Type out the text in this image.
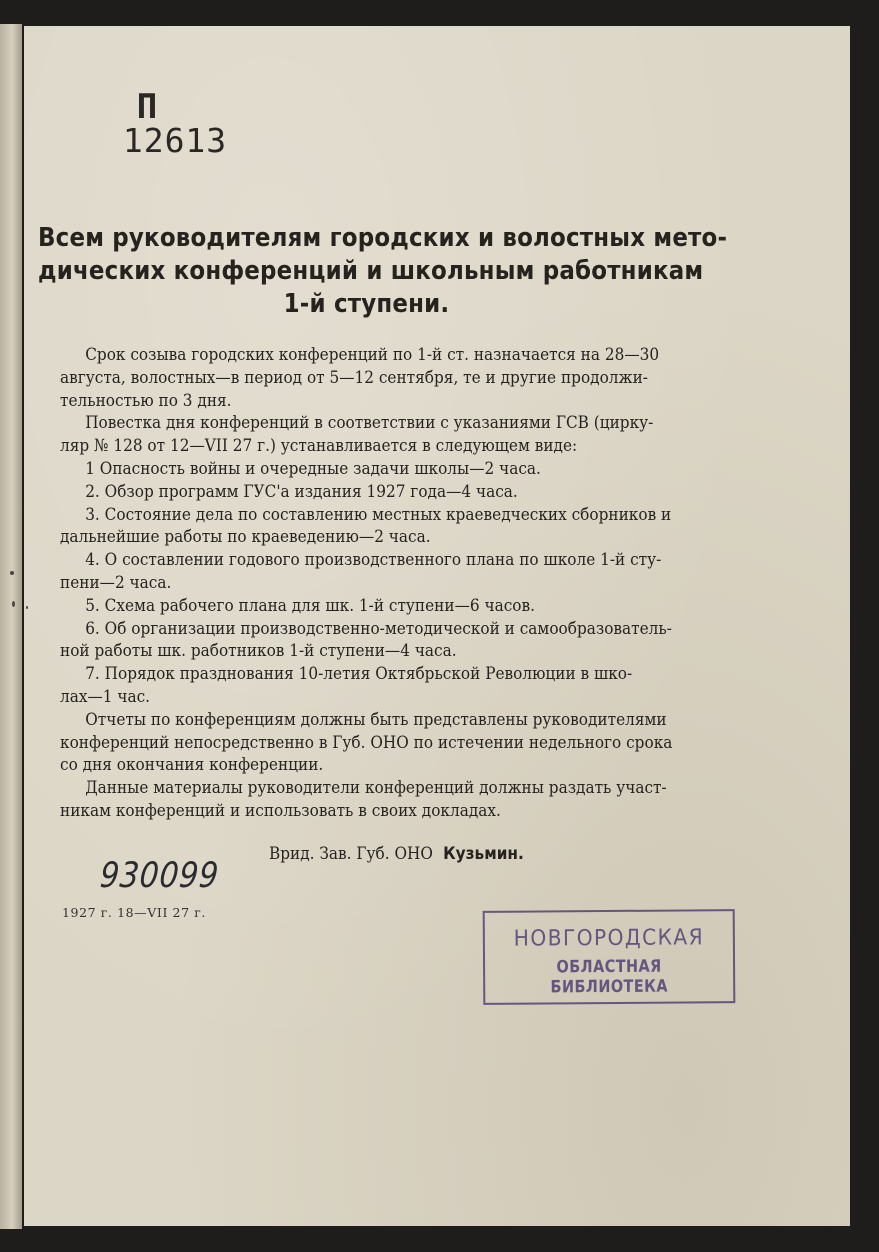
П
12613
Всем руководителям городских и волостных мето-
дических конференций и школьным работникам
1-й ступени.
Срок созыва городских конференций по 1-й ст. назначается на 28—30
августа, волостных—в период от 5—12 сентября, те и другие продолжи-
тельностью по 3 дня.
Повестка дня конференций в соответствии с указаниями ГСВ (цирку-
ляр № 128 от 12—VII 27 г.) устанавливается в следующем виде:
1 Опасность войны и очередные задачи школы—2 часа.
2. Обзор программ ГУС'а издания 1927 года—4 часа.
3. Состояние дела по составлению местных краеведческих сборников и
дальнейшие работы по краеведению—2 часа.
4. О составлении годового производственного плана по школе 1-й сту-
пени—2 часа.
5. Схема рабочего плана для шк. 1-й ступени—6 часов.
6. Об организации производственно-методической и самообразователь-
ной работы шк. работников 1-й ступени—4 часа.
7. Порядок празднования 10-летия Октябрьской Революции в шко-
лах—1 час.
Отчеты по конференциям должны быть представлены руководителями
конференций непосредственно в Губ. ОНО по истечении недельного срока
со дня окончания конференции.
Данные материалы руководители конференций должны раздать участ-
никам конференций и использовать в своих докладах.
Врид. Зав. Губ. ОНО Кузьмин.
930099
1927 г. 18—VII 27 г.
НОВГОРОДСКАЯ
ОБЛАСТНАЯ БИБЛИОТЕКА
